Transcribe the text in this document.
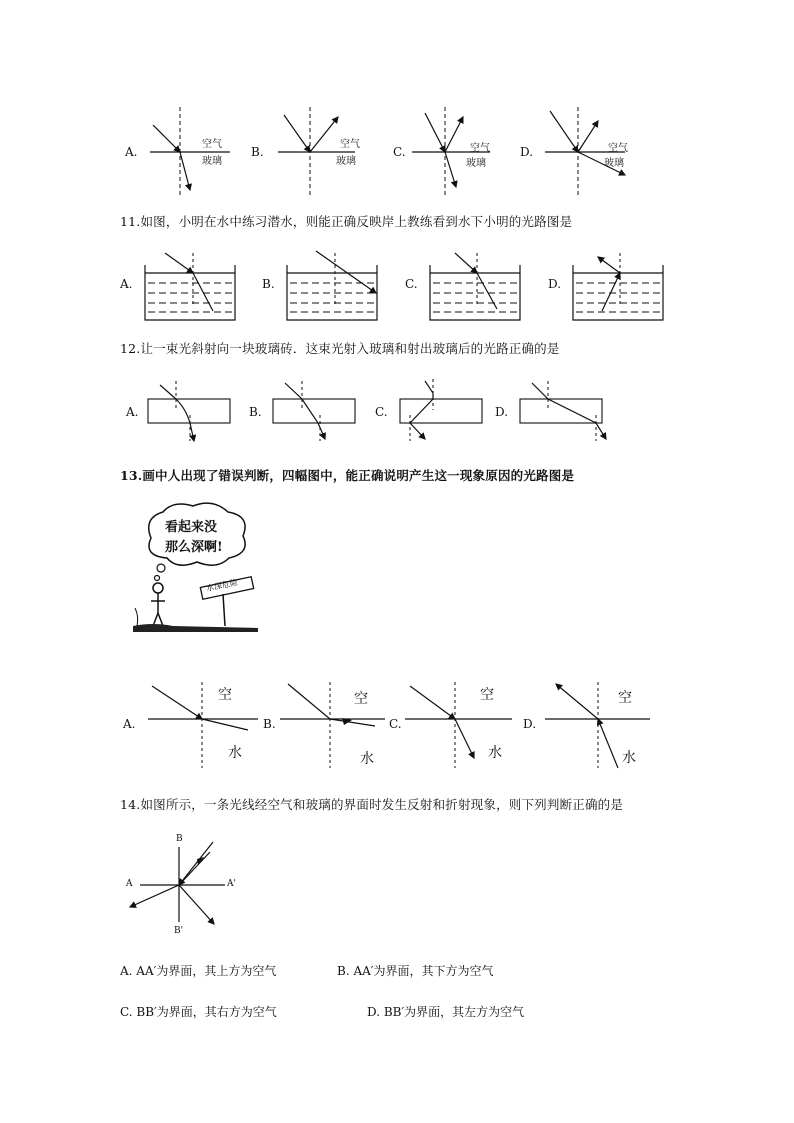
A.	B.	C.	D.
空气
玻璃
空气
玻璃
空气
玻璃
空气
玻璃
11.如图，小明在水中练习潜水，则能正确反映岸上教练看到水下小明的光路图是
A.	B.	C.	D.
12.让一束光斜射向一块玻璃砖．这束光射入玻璃和射出玻璃后的光路正确的是
A.	B.	C.	D.
13.画中人出现了错误判断，四幅图中，能正确说明产生这一现象原因的光路图是
看起来没
那么深啊!
水深危险
A.	B.	C.	D.
空
水
空
水
空
水
空
水
14.如图所示，一条光线经空气和玻璃的界面时发生反射和折射现象，则下列判断正确的是
B
A	A'
B'
A. AA′为界面，其上方为空气	B. AA′为界面，其下方为空气
C. BB′为界面，其右方为空气	D. BB′为界面，其左方为空气
